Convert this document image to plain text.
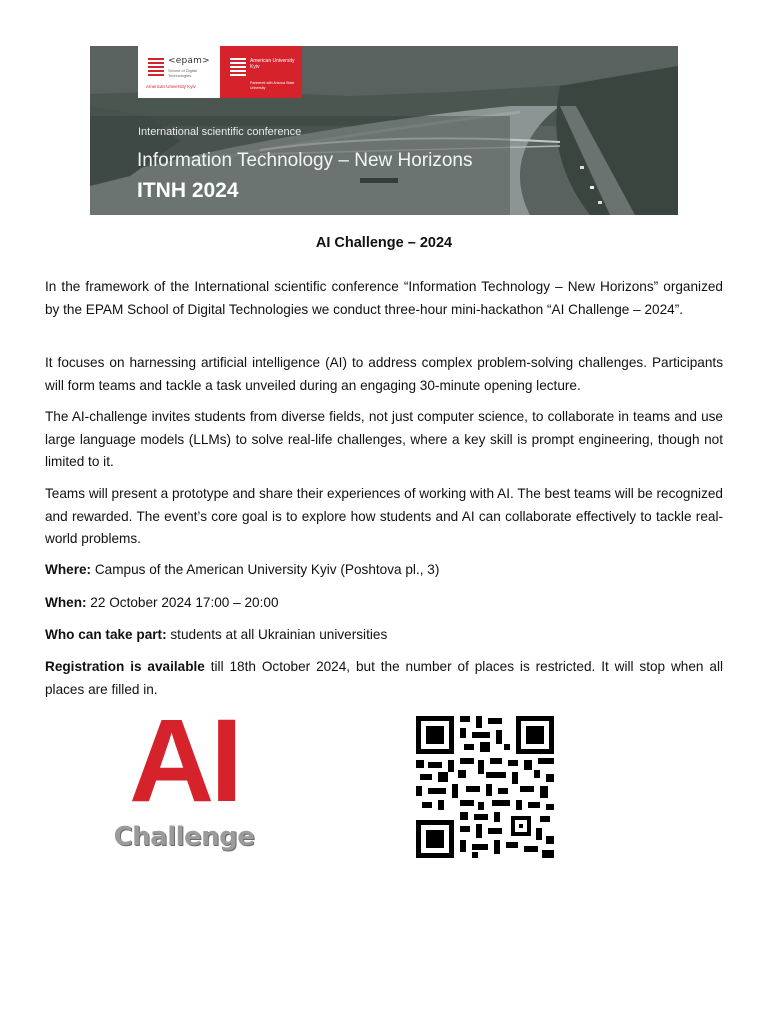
<epam>
School of Digital Technologies
American University Kyiv
American University Kyiv
Partnered with Arizona State University
International scientific conference
Information Technology – New Horizons
ITNH 2024
AI Challenge – 2024

In the framework of the International scientific conference “Information Technology – New Horizons” organized by the EPAM School of Digital Technologies we conduct three-hour mini-hackathon “AI Challenge – 2024”.

It focuses on harnessing artificial intelligence (AI) to address complex problem-solving challenges. Participants will form teams and tackle a task unveiled during an engaging 30-minute opening lecture.

The AI-challenge invites students from diverse fields, not just computer science, to collaborate in teams and use large language models (LLMs) to solve real-life challenges, where a key skill is prompt engineering, though not limited to it.

Teams will present a prototype and share their experiences of working with AI. The best teams will be recognized and rewarded. The event’s core goal is to explore how students and AI can collaborate effectively to tackle real-world problems.

Where: Campus of the American University Kyiv (Poshtova pl., 3)

When: 22 October 2024 17:00 – 20:00

Who can take part: students at all Ukrainian universities

Registration is available till 18th October 2024, but the number of places is restricted. It will stop when all places are filled in.

AI
Challenge
